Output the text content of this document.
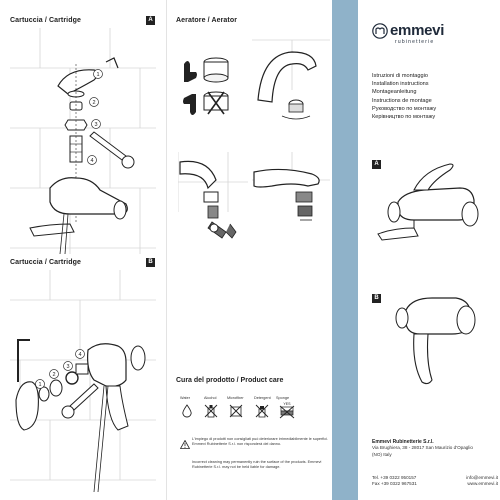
Cartuccia / Cartridge	A
1
2
3
4
Cartuccia / Cartridge	B
1
2
3
4
Aeratore / Aerator
Cura del prodotto / Product care
Water	Alcohol	Microfiber	Detergent Sponge
YES
L'impiego di prodotti non consigliati può deteriorare irrimediabilmente le superfici. Emmevi Rubinetterie S.r.l. non risponderà del danno.
Incorrect cleaning may permanently ruin the surface of the products. Emmevi Rubinetterie S.r.l. may not be held liable for damage.
emmevi
rubinetterie
Istruzioni di montaggio
Installation instructions
Montageanleitung
Instructions de montage
Руководство по монтажу
Керівництво по монтажу
A
B
Emmevi Rubinetterie S.r.l.
Via Brughiera, 38 - 28017 San Maurizio d'Opaglio
(NO) Italy
Tel. +39 0322 950157	info@emmevi.it
Fax +39 0322 967531	www.emmevi.it
